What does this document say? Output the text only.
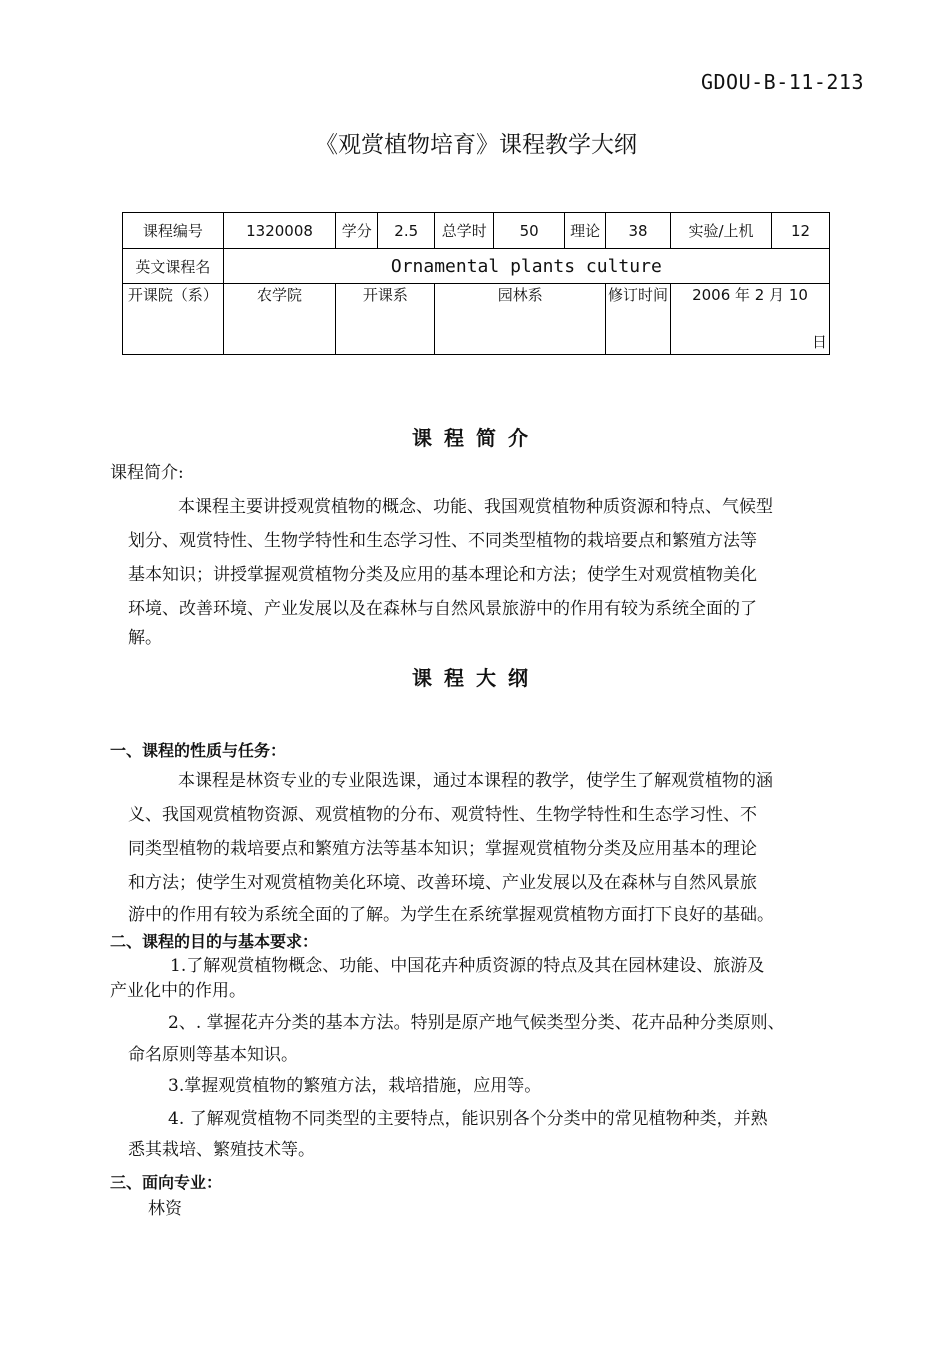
GDOU-B-11-213
《观赏植物培育》课程教学大纲
课程编号	1320008	学分	2.5	总学时	50	理论	38	实验/上机	12
英文课程名	Ornamental plants culture								
开课院（系）	农学院	开课系		园林系			修订时间	2006 年 2 月 10
日	
课程简介
课程简介:
本课程主要讲授观赏植物的概念、功能、我国观赏植物种质资源和特点、气候型
划分、观赏特性、生物学特性和生态学习性、不同类型植物的栽培要点和繁殖方法等
基本知识；讲授掌握观赏植物分类及应用的基本理论和方法；使学生对观赏植物美化
环境、改善环境、产业发展以及在森林与自然风景旅游中的作用有较为系统全面的了
解。
课程大纲
一、课程的性质与任务：
本课程是林资专业的专业限选课，通过本课程的教学，使学生了解观赏植物的涵
义、我国观赏植物资源、观赏植物的分布、观赏特性、生物学特性和生态学习性、不
同类型植物的栽培要点和繁殖方法等基本知识；掌握观赏植物分类及应用基本的理论
和方法；使学生对观赏植物美化环境、改善环境、产业发展以及在森林与自然风景旅
游中的作用有较为系统全面的了解。为学生在系统掌握观赏植物方面打下良好的基础。
二、课程的目的与基本要求：
1.了解观赏植物概念、功能、中国花卉种质资源的特点及其在园林建设、旅游及
产业化中的作用。
2、. 掌握花卉分类的基本方法。特别是原产地气候类型分类、花卉品种分类原则、
命名原则等基本知识。
3.掌握观赏植物的繁殖方法，栽培措施，应用等。
4. 了解观赏植物不同类型的主要特点，能识别各个分类中的常见植物种类，并熟
悉其栽培、繁殖技术等。
三、面向专业：
林资
